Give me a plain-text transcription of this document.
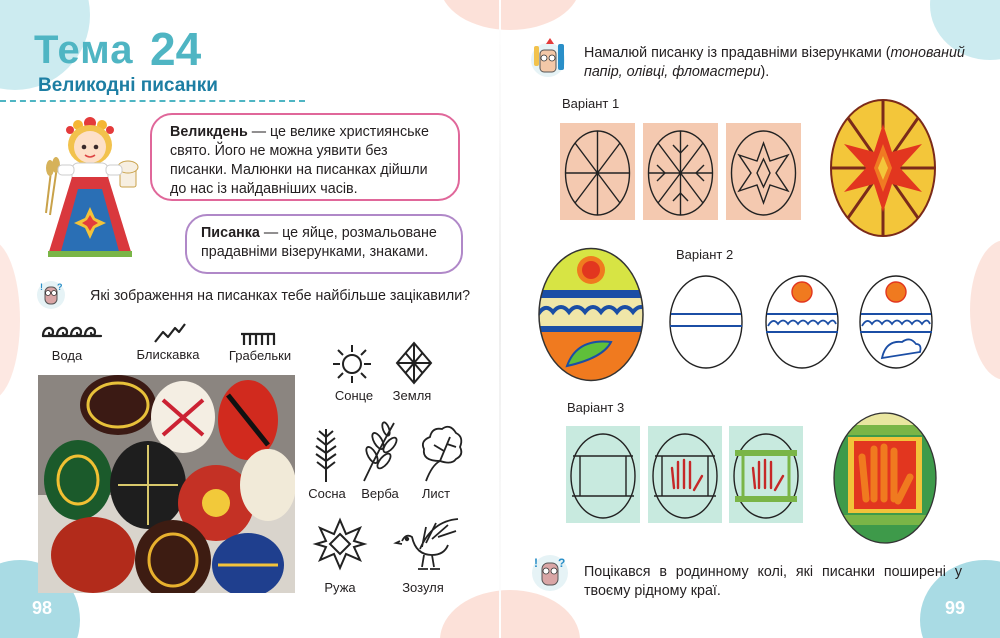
Тема 24
Великодні писанки
Великдень — це велике християнське свято. Його не можна уявити без писанки. Малюнки на писанках дійшли до нас із найдавніших часів.
Писанка — це яйце, розмальоване прадавніми візерунками, знаками.
! ?
Які зображення на писанках тебе найбільше зацікавили?
Вода	Блискавка	Грабельки
Сонце	Земля
Сосна	Верба	Лист
Ружа	Зозуля
98
Намалюй писанку із прадавніми візерунками (тонований папір, олівці, фломастери).
Варіант 1
Варіант 2
Варіант 3
! ?
Поцікався в родинному колі, які писанки поширені у твоєму рідному краї.
99
